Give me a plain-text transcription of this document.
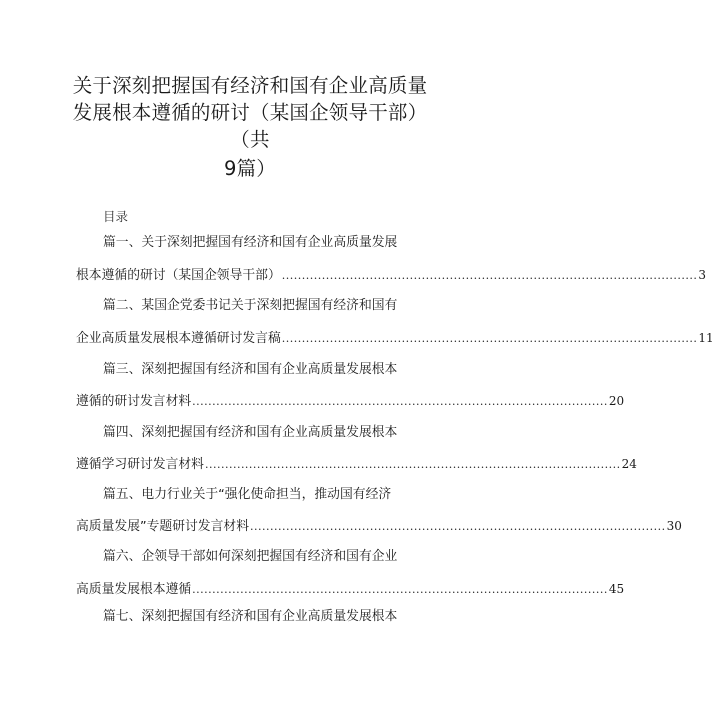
关于深刻把握国有经济和国有企业高质量
发展根本遵循的研讨（某国企领导干部）
（共
9篇）
目录
篇一、关于深刻把握国有经济和国有企业高质量发展
根本遵循的研讨（某国企领导干部） ........................................................................................................ 3
篇二、某国企党委书记关于深刻把握国有经济和国有
企业高质量发展根本遵循研讨发言稿 ........................................................................................................ 11
篇三、深刻把握国有经济和国有企业高质量发展根本
遵循的研讨发言材料 ........................................................................................................ 20
篇四、深刻把握国有经济和国有企业高质量发展根本
遵循学习研讨发言材料 ........................................................................................................ 24
篇五、电力行业关于“强化使命担当，推动国有经济
高质量发展”专题研讨发言材料 ........................................................................................................ 30
篇六、企领导干部如何深刻把握国有经济和国有企业
高质量发展根本遵循 ........................................................................................................ 45
篇七、深刻把握国有经济和国有企业高质量发展根本
